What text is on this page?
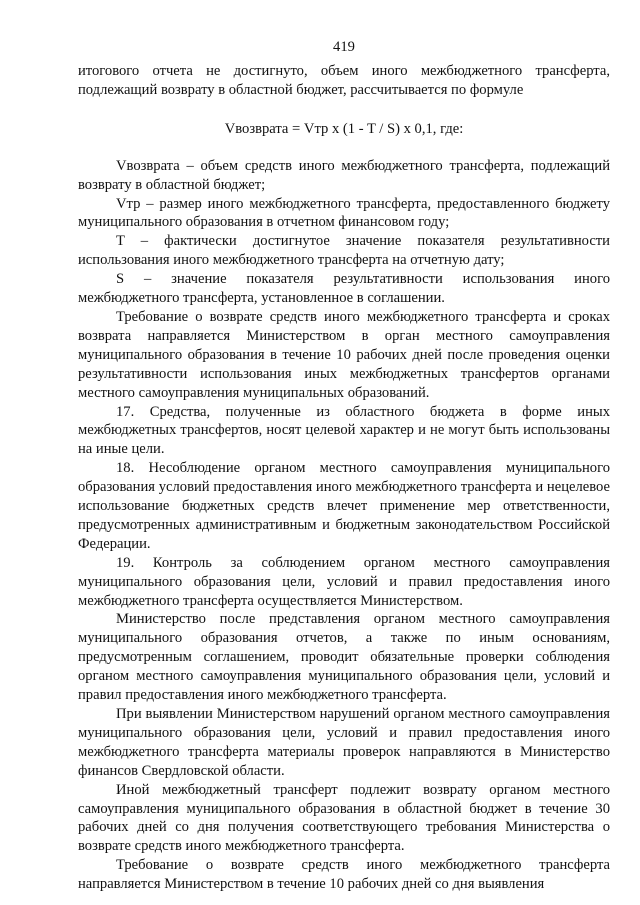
419

итогового отчета не достигнуто, объем иного межбюджетного трансферта, подлежащий возврату в областной бюджет, рассчитывается по формуле

Vвозврата = Vтр x (1 - T / S) x 0,1, где:

Vвозврата – объем средств иного межбюджетного трансферта, подлежащий возврату в областной бюджет;

Vтр – размер иного межбюджетного трансферта, предоставленного бюджету муниципального образования в отчетном финансовом году;

T – фактически достигнутое значение показателя результативности использования иного межбюджетного трансферта на отчетную дату;

S – значение показателя результативности использования иного межбюджетного трансферта, установленное в соглашении.

Требование о возврате средств иного межбюджетного трансферта и сроках возврата направляется Министерством в орган местного самоуправления муниципального образования в течение 10 рабочих дней после проведения оценки результативности использования иных межбюджетных трансфертов органами местного самоуправления муниципальных образований.

17. Средства, полученные из областного бюджета в форме иных межбюджетных трансфертов, носят целевой характер и не могут быть использованы на иные цели.

18. Несоблюдение органом местного самоуправления муниципального образования условий предоставления иного межбюджетного трансферта и нецелевое использование бюджетных средств влечет применение мер ответственности, предусмотренных административным и бюджетным законодательством Российской Федерации.

19. Контроль за соблюдением органом местного самоуправления муниципального образования цели, условий и правил предоставления иного межбюджетного трансферта осуществляется Министерством.

Министерство после представления органом местного самоуправления муниципального образования отчетов, а также по иным основаниям, предусмотренным соглашением, проводит обязательные проверки соблюдения органом местного самоуправления муниципального образования цели, условий и правил предоставления иного межбюджетного трансферта.

При выявлении Министерством нарушений органом местного самоуправления муниципального образования цели, условий и правил предоставления иного межбюджетного трансферта материалы проверок направляются в Министерство финансов Свердловской области.

Иной межбюджетный трансферт подлежит возврату органом местного самоуправления муниципального образования в областной бюджет в течение 30 рабочих дней со дня получения соответствующего требования Министерства о возврате средств иного межбюджетного трансферта.

Требование о возврате средств иного межбюджетного трансферта направляется Министерством в течение 10 рабочих дней со дня выявления
